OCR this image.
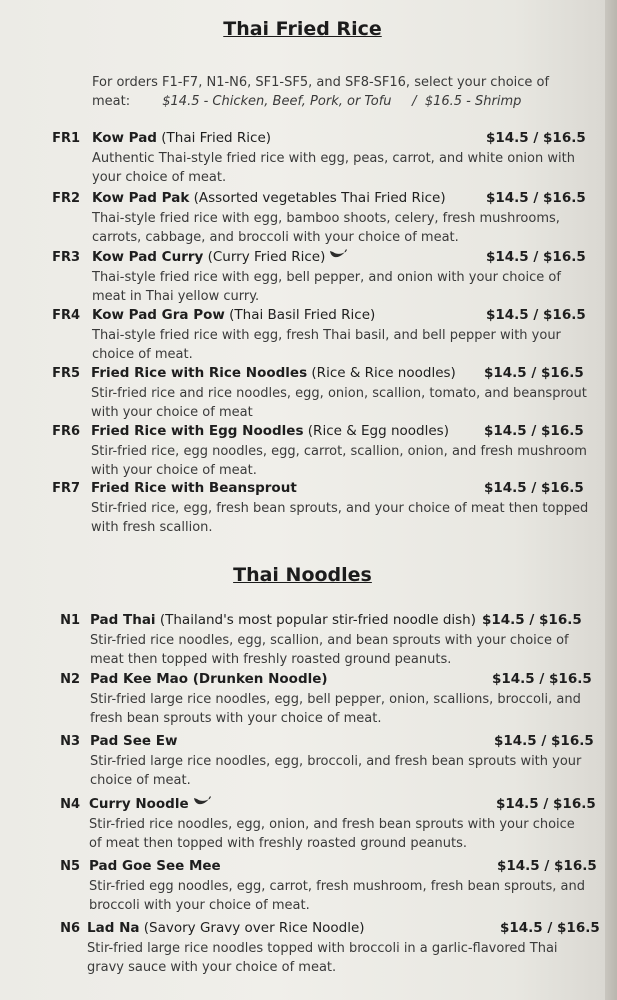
Thai Fried Rice
For orders F1-F7, N1-N6, SF1-SF5, and SF8-SF16, select your choice of
meat: $14.5 - Chicken, Beef, Pork, or Tofu     /  $16.5 - Shrimp
FR1 Kow Pad (Thai Fried Rice)	$14.5 / $16.5
Authentic Thai-style fried rice with egg, peas, carrot, and white onion with
your choice of meat.
FR2 Kow Pad Pak (Assorted vegetables Thai Fried Rice)	$14.5 / $16.5
Thai-style fried rice with egg, bamboo shoots, celery, fresh mushrooms,
carrots, cabbage, and broccoli with your choice of meat.
FR3 Kow Pad Curry (Curry Fried Rice)	$14.5 / $16.5
Thai-style fried rice with egg, bell pepper, and onion with your choice of
meat in Thai yellow curry.
FR4 Kow Pad Gra Pow (Thai Basil Fried Rice)	$14.5 / $16.5
Thai-style fried rice with egg, fresh Thai basil, and bell pepper with your
choice of meat.
FR5 Fried Rice with Rice Noodles (Rice & Rice noodles) $14.5 / $16.5
Stir-fried rice and rice noodles, egg, onion, scallion, tomato, and beansprout
with your choice of meat
FR6 Fried Rice with Egg Noodles (Rice & Egg noodles)	$14.5 / $16.5
Stir-fried rice, egg noodles, egg, carrot, scallion, onion, and fresh mushroom
with your choice of meat.
FR7 Fried Rice with Beansprout	$14.5 / $16.5
Stir-fried rice, egg, fresh bean sprouts, and your choice of meat then topped
with fresh scallion.
Thai Noodles
N1 Pad Thai (Thailand's most popular stir-fried noodle dish) $14.5 / $16.5
Stir-fried rice noodles, egg, scallion, and bean sprouts with your choice of
meat then topped with freshly roasted ground peanuts.
N2 Pad Kee Mao (Drunken Noodle)	$14.5 / $16.5
Stir-fried large rice noodles, egg, bell pepper, onion, scallions, broccoli, and
fresh bean sprouts with your choice of meat.
N3 Pad See Ew	$14.5 / $16.5
Stir-fried large rice noodles, egg, broccoli, and fresh bean sprouts with your
choice of meat.
N4 Curry Noodle	$14.5 / $16.5
Stir-fried rice noodles, egg, onion, and fresh bean sprouts with your choice
of meat then topped with freshly roasted ground peanuts.
N5 Pad Goe See Mee	$14.5 / $16.5
Stir-fried egg noodles, egg, carrot, fresh mushroom, fresh bean sprouts, and
broccoli with your choice of meat.
N6 Lad Na (Savory Gravy over Rice Noodle)	$14.5 / $16.5
Stir-fried large rice noodles topped with broccoli in a garlic-flavored Thai
gravy sauce with your choice of meat.
